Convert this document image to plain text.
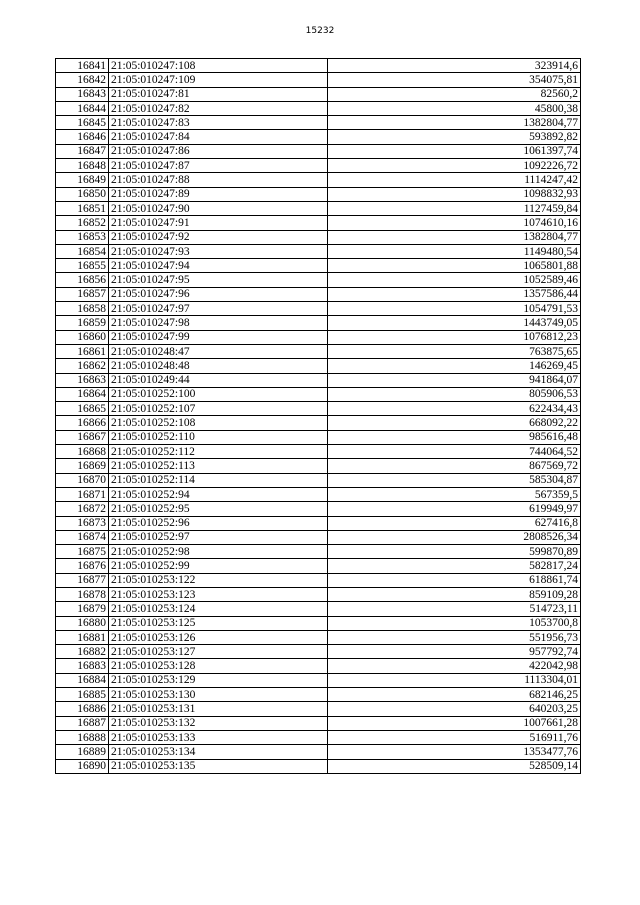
15232
16841	21:05:010247:108	323914,6
16842	21:05:010247:109	354075,81
16843	21:05:010247:81	82560,2
16844	21:05:010247:82	45800,38
16845	21:05:010247:83	1382804,77
16846	21:05:010247:84	593892,82
16847	21:05:010247:86	1061397,74
16848	21:05:010247:87	1092226,72
16849	21:05:010247:88	1114247,42
16850	21:05:010247:89	1098832,93
16851	21:05:010247:90	1127459,84
16852	21:05:010247:91	1074610,16
16853	21:05:010247:92	1382804,77
16854	21:05:010247:93	1149480,54
16855	21:05:010247:94	1065801,88
16856	21:05:010247:95	1052589,46
16857	21:05:010247:96	1357586,44
16858	21:05:010247:97	1054791,53
16859	21:05:010247:98	1443749,05
16860	21:05:010247:99	1076812,23
16861	21:05:010248:47	763875,65
16862	21:05:010248:48	146269,45
16863	21:05:010249:44	941864,07
16864	21:05:010252:100	805906,53
16865	21:05:010252:107	622434,43
16866	21:05:010252:108	668092,22
16867	21:05:010252:110	985616,48
16868	21:05:010252:112	744064,52
16869	21:05:010252:113	867569,72
16870	21:05:010252:114	585304,87
16871	21:05:010252:94	567359,5
16872	21:05:010252:95	619949,97
16873	21:05:010252:96	627416,8
16874	21:05:010252:97	2808526,34
16875	21:05:010252:98	599870,89
16876	21:05:010252:99	582817,24
16877	21:05:010253:122	618861,74
16878	21:05:010253:123	859109,28
16879	21:05:010253:124	514723,11
16880	21:05:010253:125	1053700,8
16881	21:05:010253:126	551956,73
16882	21:05:010253:127	957792,74
16883	21:05:010253:128	422042,98
16884	21:05:010253:129	1113304,01
16885	21:05:010253:130	682146,25
16886	21:05:010253:131	640203,25
16887	21:05:010253:132	1007661,28
16888	21:05:010253:133	516911,76
16889	21:05:010253:134	1353477,76
16890	21:05:010253:135	528509,14
